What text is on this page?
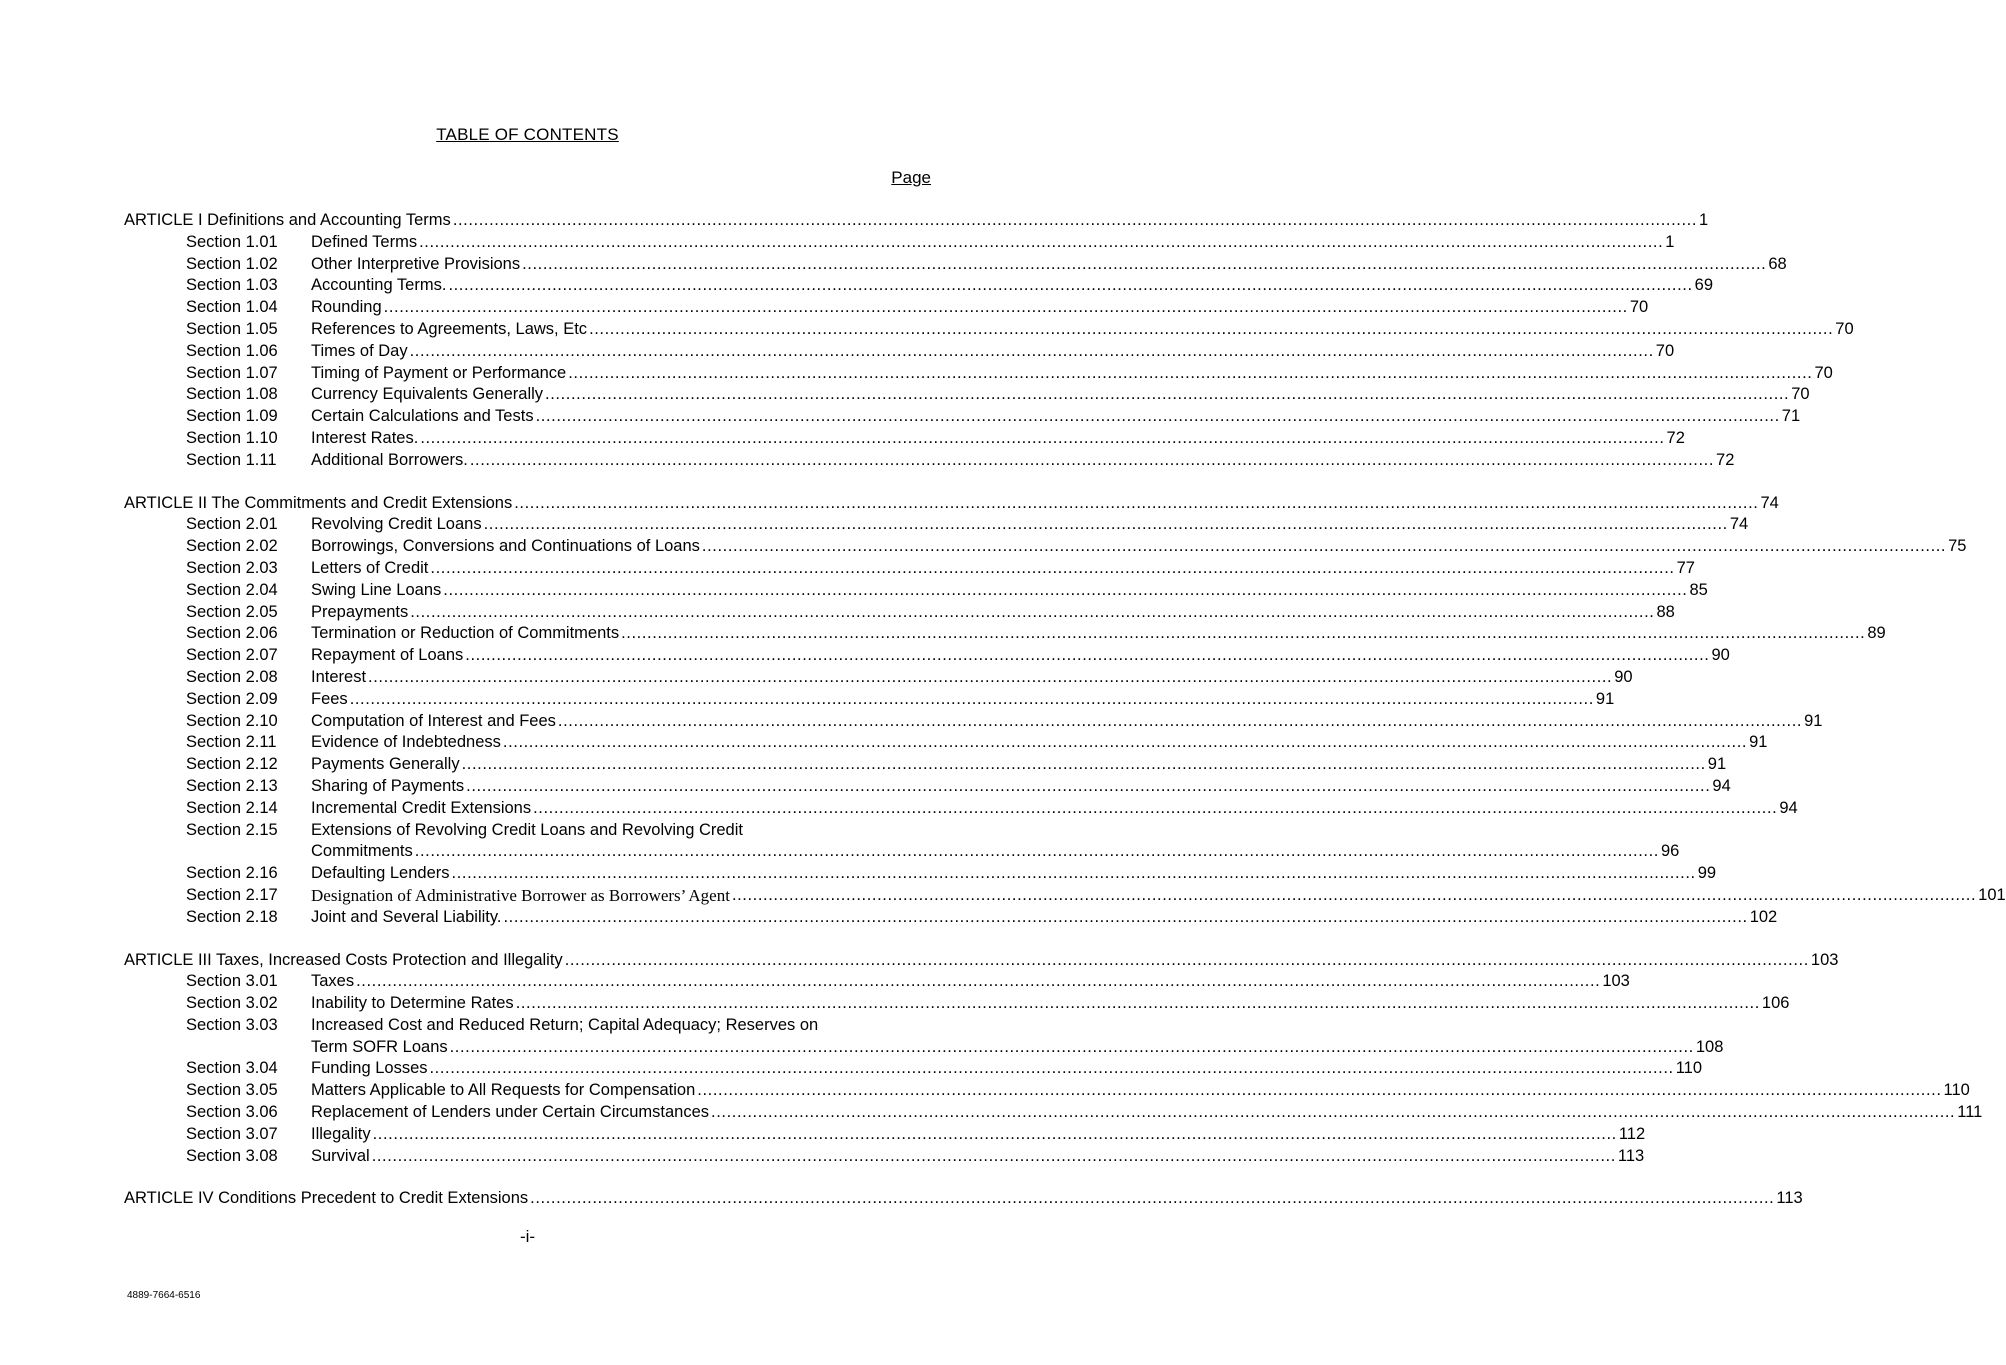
TABLE OF CONTENTS
Page
ARTICLE I Definitions and Accounting Terms .....	1
Section 1.01	Defined Terms .....	1
Section 1.02	Other Interpretive Provisions .....	68
Section 1.03	Accounting Terms. .....	69
Section 1.04	Rounding .....	70
Section 1.05	References to Agreements, Laws, Etc .....	70
Section 1.06	Times of Day .....	70
Section 1.07	Timing of Payment or Performance .....	70
Section 1.08	Currency Equivalents Generally .....	70
Section 1.09	Certain Calculations and Tests .....	71
Section 1.10	Interest Rates. .....	72
Section 1.11	Additional Borrowers. .....	72
ARTICLE II The Commitments and Credit Extensions .....	74
Section 2.01	Revolving Credit Loans .....	74
Section 2.02	Borrowings, Conversions and Continuations of Loans .....	75
Section 2.03	Letters of Credit .....	77
Section 2.04	Swing Line Loans .....	85
Section 2.05	Prepayments .....	88
Section 2.06	Termination or Reduction of Commitments .....	89
Section 2.07	Repayment of Loans .....	90
Section 2.08	Interest .....	90
Section 2.09	Fees .....	91
Section 2.10	Computation of Interest and Fees .....	91
Section 2.11	Evidence of Indebtedness .....	91
Section 2.12	Payments Generally .....	91
Section 2.13	Sharing of Payments .....	94
Section 2.14	Incremental Credit Extensions .....	94
Section 2.15	Extensions of Revolving Credit Loans and Revolving Credit
Commitments .....	96
Section 2.16	Defaulting Lenders .....	99
Section 2.17	Designation of Administrative Borrower as Borrowers’ Agent .....	101
Section 2.18	Joint and Several Liability. .....	102
ARTICLE III Taxes, Increased Costs Protection and Illegality .....	103
Section 3.01	Taxes .....	103
Section 3.02	Inability to Determine Rates .....	106
Section 3.03	Increased Cost and Reduced Return; Capital Adequacy; Reserves on
Term SOFR Loans .....	108
Section 3.04	Funding Losses .....	110
Section 3.05	Matters Applicable to All Requests for Compensation .....	110
Section 3.06	Replacement of Lenders under Certain Circumstances .....	111
Section 3.07	Illegality .....	112
Section 3.08	Survival .....	113
ARTICLE IV Conditions Precedent to Credit Extensions .....	113
-i-
4889-7664-6516
